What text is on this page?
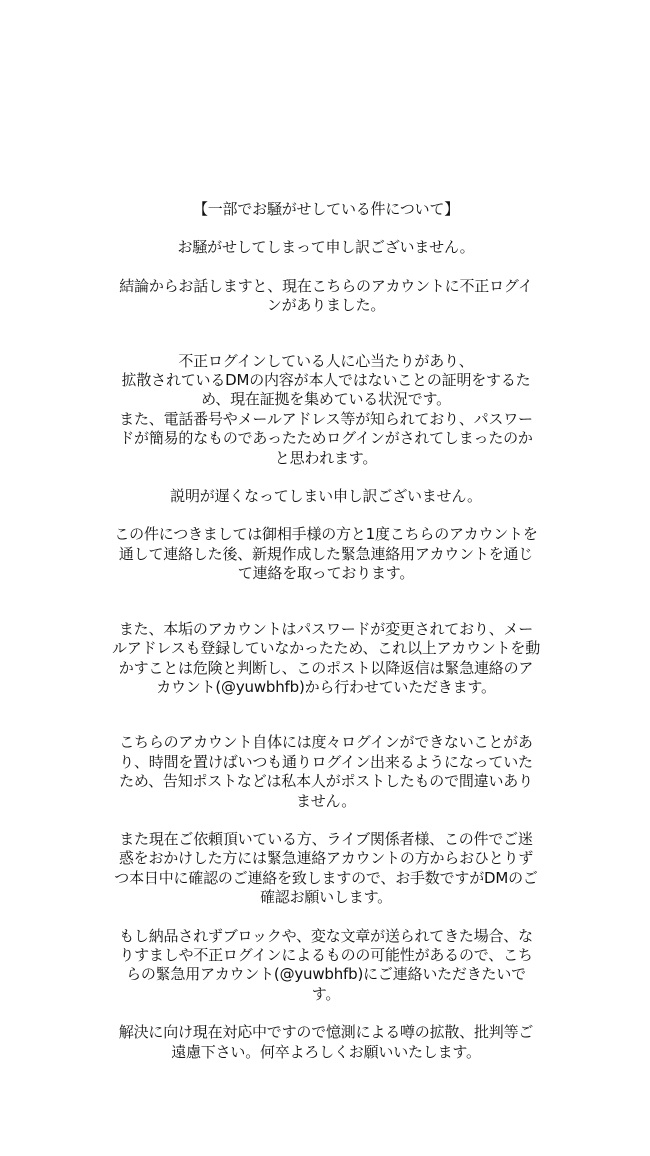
【一部でお騒がせしている件について】

お騒がせしてしまって申し訳ございません。

結論からお話しますと、現在こちらのアカウントに不正ログインがありました。

不正ログインしている人に心当たりがあり、
拡散されているDMの内容が本人ではないことの証明をするため、現在証拠を集めている状況です。
また、電話番号やメールアドレス等が知られており、パスワードが簡易的なものであったためログインがされてしまったのかと思われます。

説明が遅くなってしまい申し訳ございません。

この件につきましては御相手様の方と1度こちらのアカウントを通して連絡した後、新規作成した緊急連絡用アカウントを通じて連絡を取っております。

また、本垢のアカウントはパスワードが変更されており、メールアドレスも登録していなかったため、これ以上アカウントを動かすことは危険と判断し、このポスト以降返信は緊急連絡のアカウント(@yuwbhfb)から行わせていただきます。

こちらのアカウント自体には度々ログインができないことがあり、時間を置けばいつも通りログイン出来るようになっていたため、告知ポストなどは私本人がポストしたもので間違いありません。

また現在ご依頼頂いている方、ライブ関係者様、この件でご迷惑をおかけした方には緊急連絡アカウントの方からおひとりずつ本日中に確認のご連絡を致しますので、お手数ですがDMのご確認お願いします。

もし納品されずブロックや、変な文章が送られてきた場合、なりすましや不正ログインによるものの可能性があるので、こちらの緊急用アカウント(@yuwbhfb)にご連絡いただきたいです。

解決に向け現在対応中ですので憶測による噂の拡散、批判等ご遠慮下さい。何卒よろしくお願いいたします。
